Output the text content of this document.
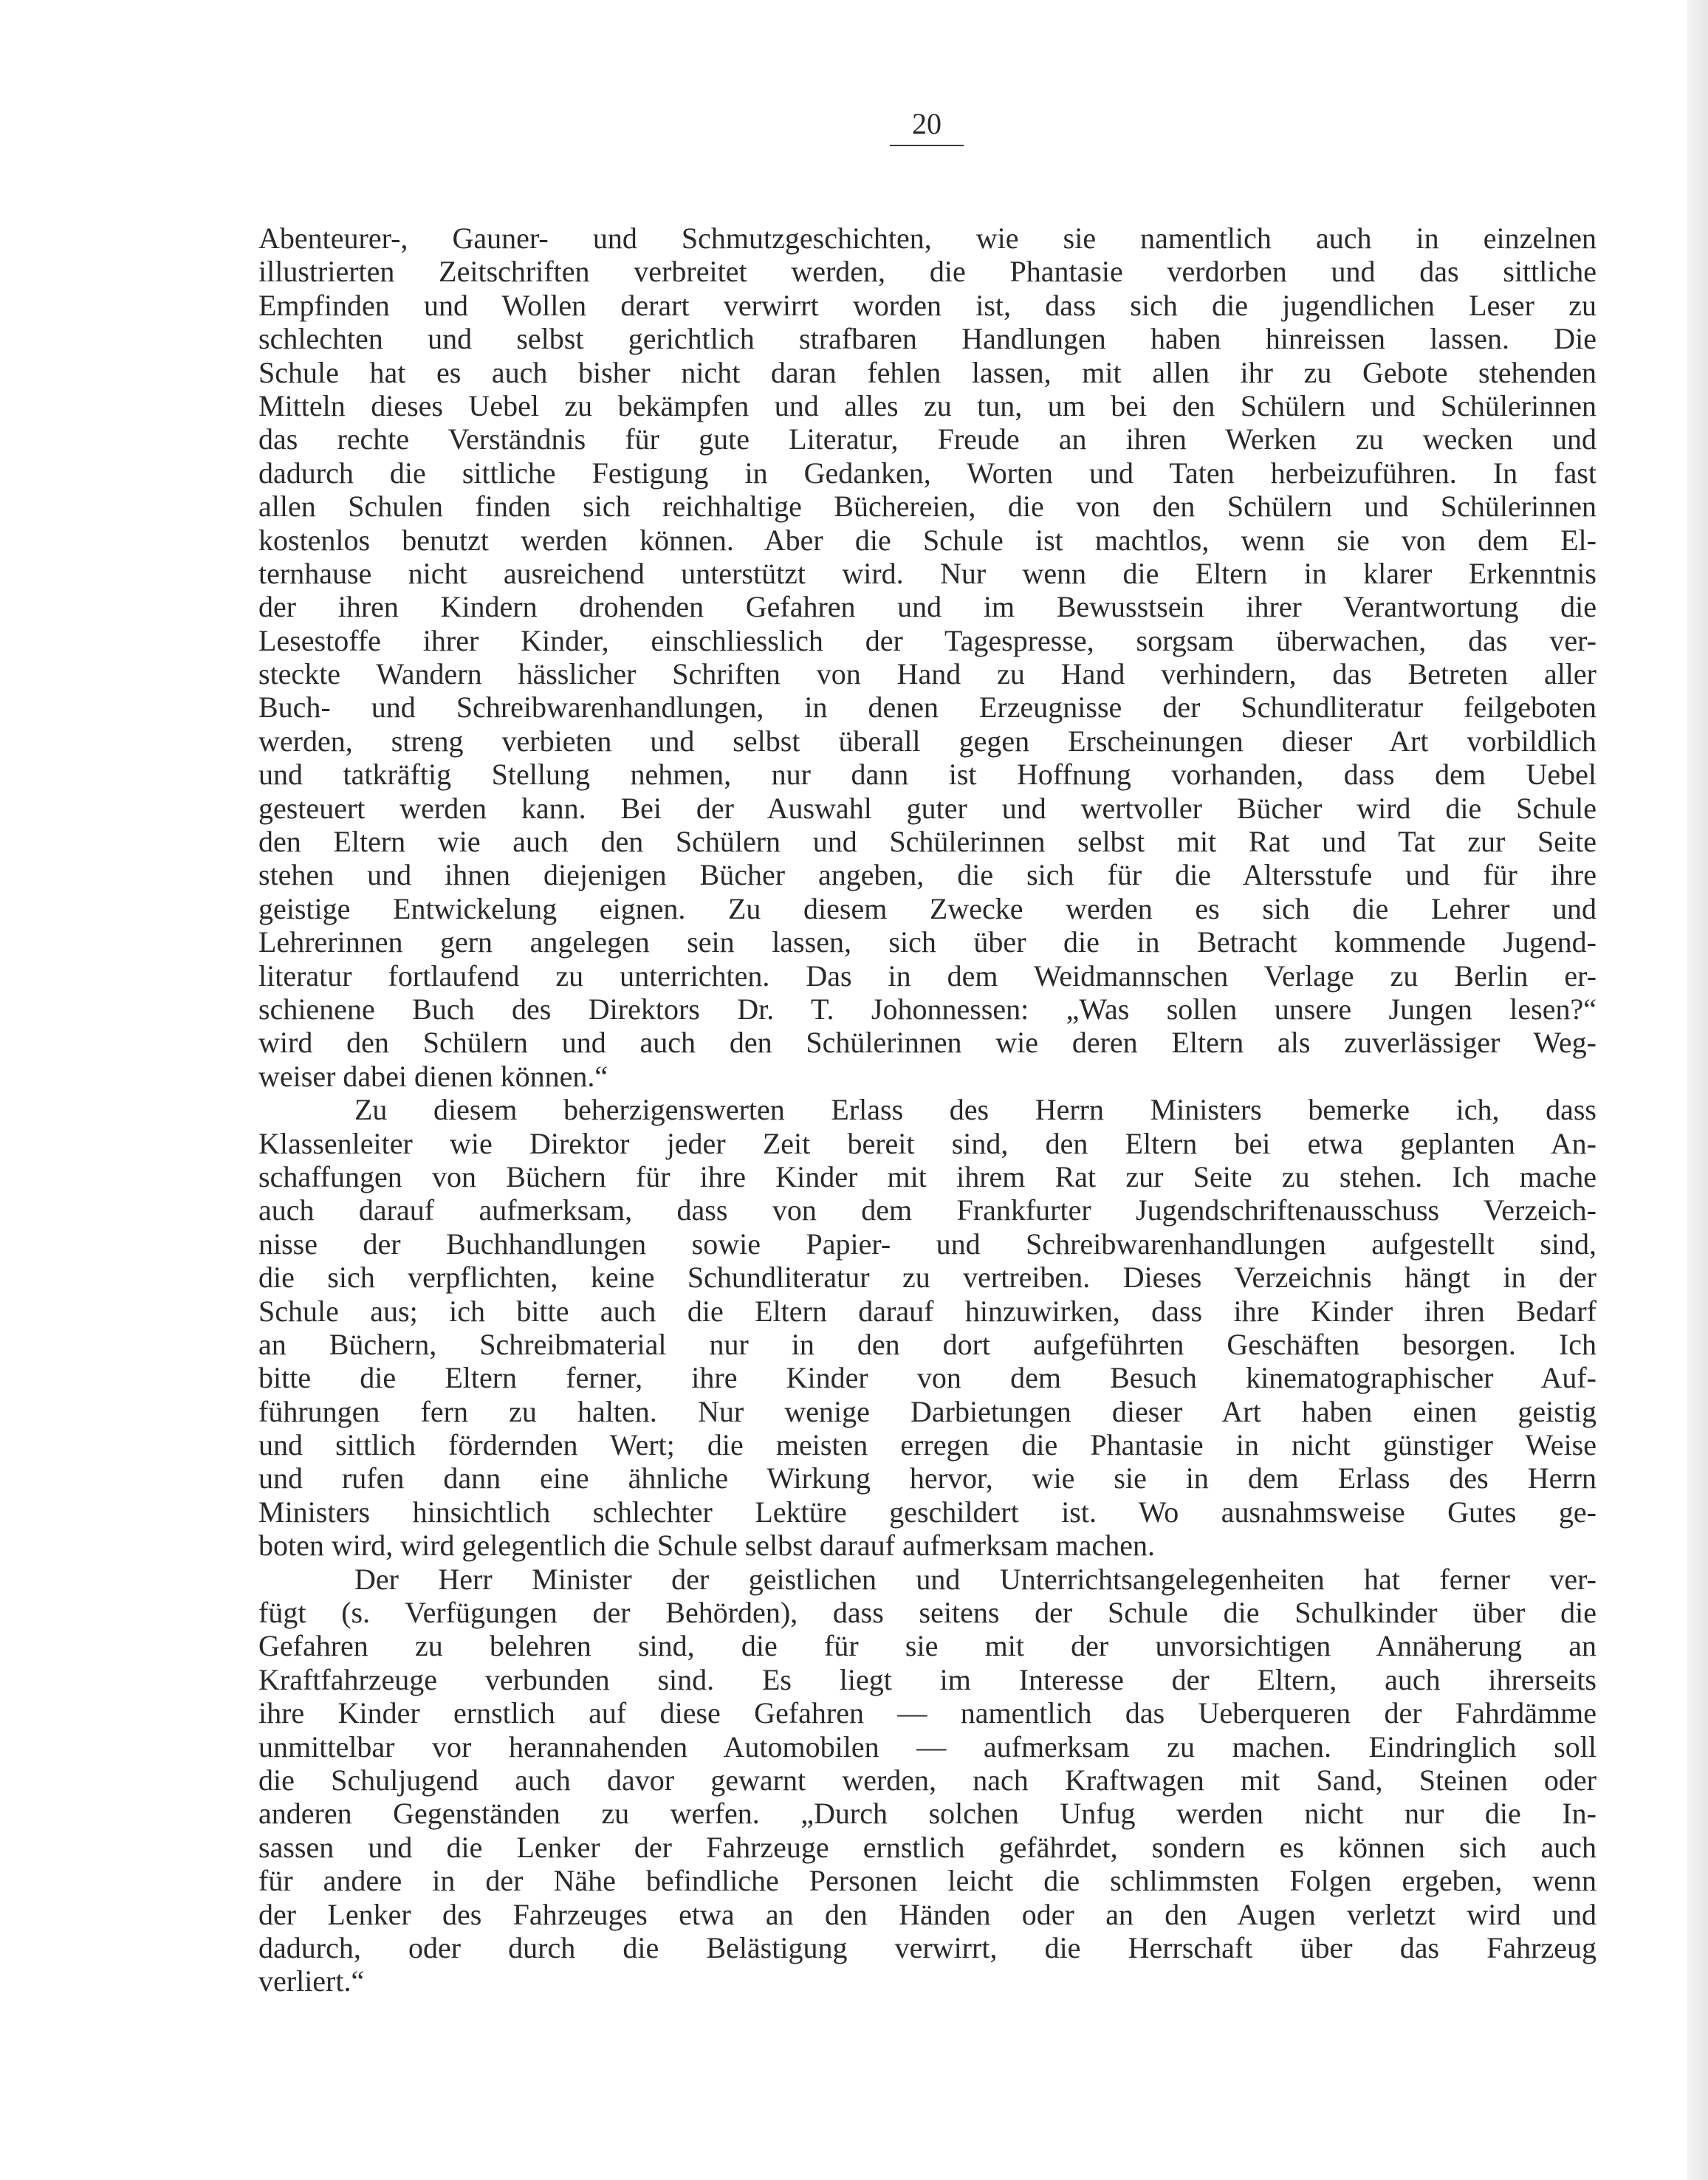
20
Abenteurer-, Gauner- und Schmutzgeschichten, wie sie namentlich auch in einzelnen
illustrierten Zeitschriften verbreitet werden, die Phantasie verdorben und das sittliche
Empfinden und Wollen derart verwirrt worden ist, dass sich die jugendlichen Leser zu
schlechten und selbst gerichtlich strafbaren Handlungen haben hinreissen lassen. Die
Schule hat es auch bisher nicht daran fehlen lassen, mit allen ihr zu Gebote stehenden
Mitteln dieses Uebel zu bekämpfen und alles zu tun, um bei den Schülern und Schülerinnen
das rechte Verständnis für gute Literatur, Freude an ihren Werken zu wecken und
dadurch die sittliche Festigung in Gedanken, Worten und Taten herbeizuführen. In fast
allen Schulen finden sich reichhaltige Büchereien, die von den Schülern und Schülerinnen
kostenlos benutzt werden können. Aber die Schule ist machtlos, wenn sie von dem El-
ternhause nicht ausreichend unterstützt wird. Nur wenn die Eltern in klarer Erkenntnis
der ihren Kindern drohenden Gefahren und im Bewusstsein ihrer Verantwortung die
Lesestoffe ihrer Kinder, einschliesslich der Tagespresse, sorgsam überwachen, das ver-
steckte Wandern hässlicher Schriften von Hand zu Hand verhindern, das Betreten aller
Buch- und Schreibwarenhandlungen, in denen Erzeugnisse der Schundliteratur feilgeboten
werden, streng verbieten und selbst überall gegen Erscheinungen dieser Art vorbildlich
und tatkräftig Stellung nehmen, nur dann ist Hoffnung vorhanden, dass dem Uebel
gesteuert werden kann. Bei der Auswahl guter und wertvoller Bücher wird die Schule
den Eltern wie auch den Schülern und Schülerinnen selbst mit Rat und Tat zur Seite
stehen und ihnen diejenigen Bücher angeben, die sich für die Altersstufe und für ihre
geistige Entwickelung eignen. Zu diesem Zwecke werden es sich die Lehrer und
Lehrerinnen gern angelegen sein lassen, sich über die in Betracht kommende Jugend-
literatur fortlaufend zu unterrichten. Das in dem Weidmannschen Verlage zu Berlin er-
schienene Buch des Direktors Dr. T. Johonnessen: „Was sollen unsere Jungen lesen?“
wird den Schülern und auch den Schülerinnen wie deren Eltern als zuverlässiger Weg-
weiser dabei dienen können.“
Zu diesem beherzigenswerten Erlass des Herrn Ministers bemerke ich, dass
Klassenleiter wie Direktor jeder Zeit bereit sind, den Eltern bei etwa geplanten An-
schaffungen von Büchern für ihre Kinder mit ihrem Rat zur Seite zu stehen. Ich mache
auch darauf aufmerksam, dass von dem Frankfurter Jugendschriftenausschuss Verzeich-
nisse der Buchhandlungen sowie Papier- und Schreibwarenhandlungen aufgestellt sind,
die sich verpflichten, keine Schundliteratur zu vertreiben. Dieses Verzeichnis hängt in der
Schule aus; ich bitte auch die Eltern darauf hinzuwirken, dass ihre Kinder ihren Bedarf
an Büchern, Schreibmaterial nur in den dort aufgeführten Geschäften besorgen. Ich
bitte die Eltern ferner, ihre Kinder von dem Besuch kinematographischer Auf-
führungen fern zu halten. Nur wenige Darbietungen dieser Art haben einen geistig
und sittlich fördernden Wert; die meisten erregen die Phantasie in nicht günstiger Weise
und rufen dann eine ähnliche Wirkung hervor, wie sie in dem Erlass des Herrn
Ministers hinsichtlich schlechter Lektüre geschildert ist. Wo ausnahmsweise Gutes ge-
boten wird, wird gelegentlich die Schule selbst darauf aufmerksam machen.
Der Herr Minister der geistlichen und Unterrichtsangelegenheiten hat ferner ver-
fügt (s. Verfügungen der Behörden), dass seitens der Schule die Schulkinder über die
Gefahren zu belehren sind, die für sie mit der unvorsichtigen Annäherung an
Kraftfahrzeuge verbunden sind. Es liegt im Interesse der Eltern, auch ihrerseits
ihre Kinder ernstlich auf diese Gefahren — namentlich das Ueberqueren der Fahrdämme
unmittelbar vor herannahenden Automobilen — aufmerksam zu machen. Eindringlich soll
die Schuljugend auch davor gewarnt werden, nach Kraftwagen mit Sand, Steinen oder
anderen Gegenständen zu werfen. „Durch solchen Unfug werden nicht nur die In-
sassen und die Lenker der Fahrzeuge ernstlich gefährdet, sondern es können sich auch
für andere in der Nähe befindliche Personen leicht die schlimmsten Folgen ergeben, wenn
der Lenker des Fahrzeuges etwa an den Händen oder an den Augen verletzt wird und
dadurch, oder durch die Belästigung verwirrt, die Herrschaft über das Fahrzeug
verliert.“
